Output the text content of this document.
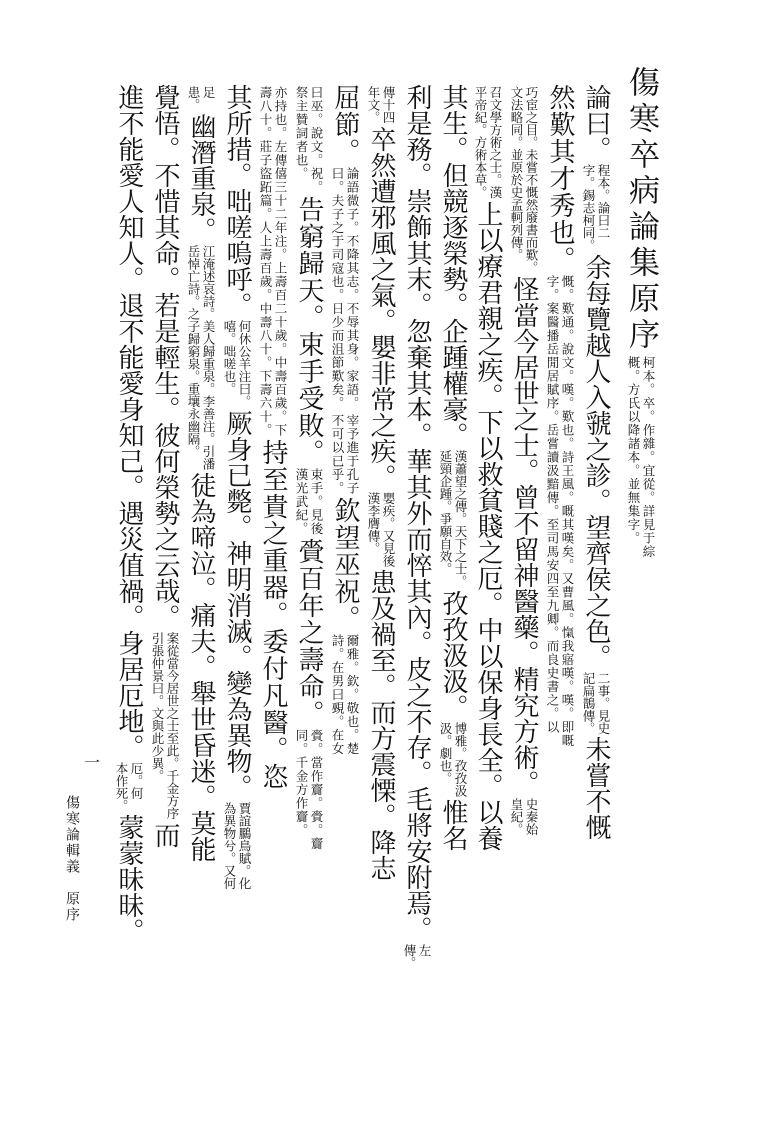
傷寒卒病論集原序
柯本。卒。作雜。宜從。詳見于綜
概。方氏以降諸本。並無集字。
論曰。
程本。論曰二
字。錫志柯同。
余每覽越人入虢之診。望齊侯之色。
二事。見史
記扁鵲傳。
未嘗不慨
然歎其才秀也。
慨。歎通。說文。嘆。歎也。詩王風。嘅其嘆矣。又曹風。愾我寤嘆。嘆。即嘅
字。案醫播岳閒居賦序。岳嘗讀汲黯傳。至司馬安四至九卿。而良史書之。以
巧宦之目。未嘗不慨然廢書而歎。
文法略同。並原於史孟軻列傳。
怪當今居世之士。曾不留神醫藥。精究方術。
史秦始
皇紀。
召文學方術之士。漢
平帝紀。方術本草。
上以療君親之疾。下以救貧賤之厄。中以保身長全。以養
其生。但競逐榮勢。企踵權豪。
漢蕭望之傳。天下之士。
延頸企踵。爭願自效。
孜孜汲汲。
博雅。孜孜汲
汲。劇也。
惟名
利是務。崇飾其末。忽棄其本。華其外而悴其內。皮之不存。毛將安附焉。
左
傳。
傳十四
年文。
卒然遭邪風之氣。嬰非常之疾。
嬰疾。又見後
漢李膺傳。
患及禍至。而方震慄。降志
屈節。
論語微子。不降其志。不辱其身。家語。
曰。夫子之于司寇也。日少而沮節歎矣。
宰予進于孔子
不可以已乎。
欽望巫祝。
爾雅。欽。敬也。楚
詩。在男曰覡。在女
曰巫。說文。祝。
祭主贊詞者也。
告窮歸天。束手受敗。
束手。見後
漢光武紀。
賫百年之壽命。
賫。當作齎。賫。齎
同。千金方作齎。
亦持也。左傳僖三十二年注。上壽百二十歲。中壽百歲。下
壽八十。莊子盜跖篇。人上壽百歲。中壽八十。下壽六十。
持至貴之重器。委付凡醫。恣
其所措。咄嗟嗚呼。
何休公羊注曰。
嘻。咄嗟也。
厥身已斃。神明消滅。變為異物。
賈誼鵩鳥賦。化
為異物兮。又何
足
患。
幽潛重泉。
江淹述哀詩。美人歸重泉。李善注。引潘
岳悼亡詩。之子歸窮泉。重壤永幽隔。
徒為啼泣。痛夫。舉世昏迷。莫能
覺悟。不惜其命。若是輕生。彼何榮勢之云哉。
案從當今居世之士至此。千金方序
引張仲景曰。文與此少異。
而
進不能愛人知人。退不能愛身知己。遇災值禍。身居厄地。
厄。何
本作死。
蒙蒙昧昧。
傷寒論輯義　原序
一
